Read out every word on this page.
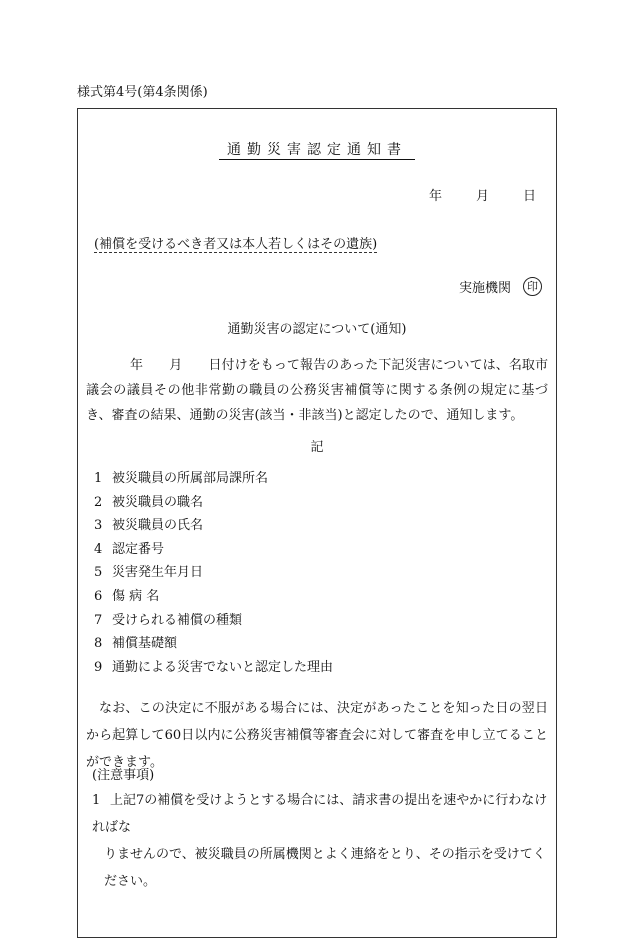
様式第4号(第4条関係)
通勤災害認定通知書
年	月	日
(補償を受けるべき者又は本人若しくはその遺族)
実施機関	印
通勤災害の認定について(通知)
年　　月　　日付けをもって報告のあった下記災害については、名取市議会の議員その他非常勤の職員の公務災害補償等に関する条例の規定に基づき、審査の結果、通勤の災害(該当・非該当)と認定したので、通知します。
記
1 被災職員の所属部局課所名
2 被災職員の職名
3 被災職員の氏名
4 認定番号
5 災害発生年月日
6 傷 病 名
7 受けられる補償の種類
8 補償基礎額
9 通勤による災害でないと認定した理由
なお、この決定に不服がある場合には、決定があったことを知った日の翌日から起算して60日以内に公務災害補償等審査会に対して審査を申し立てることができます。
(注意事項)
1 上記7の補償を受けようとする場合には、請求書の提出を速やかに行わなければな
りませんので、被災職員の所属機関とよく連絡をとり、その指示を受けてください。
